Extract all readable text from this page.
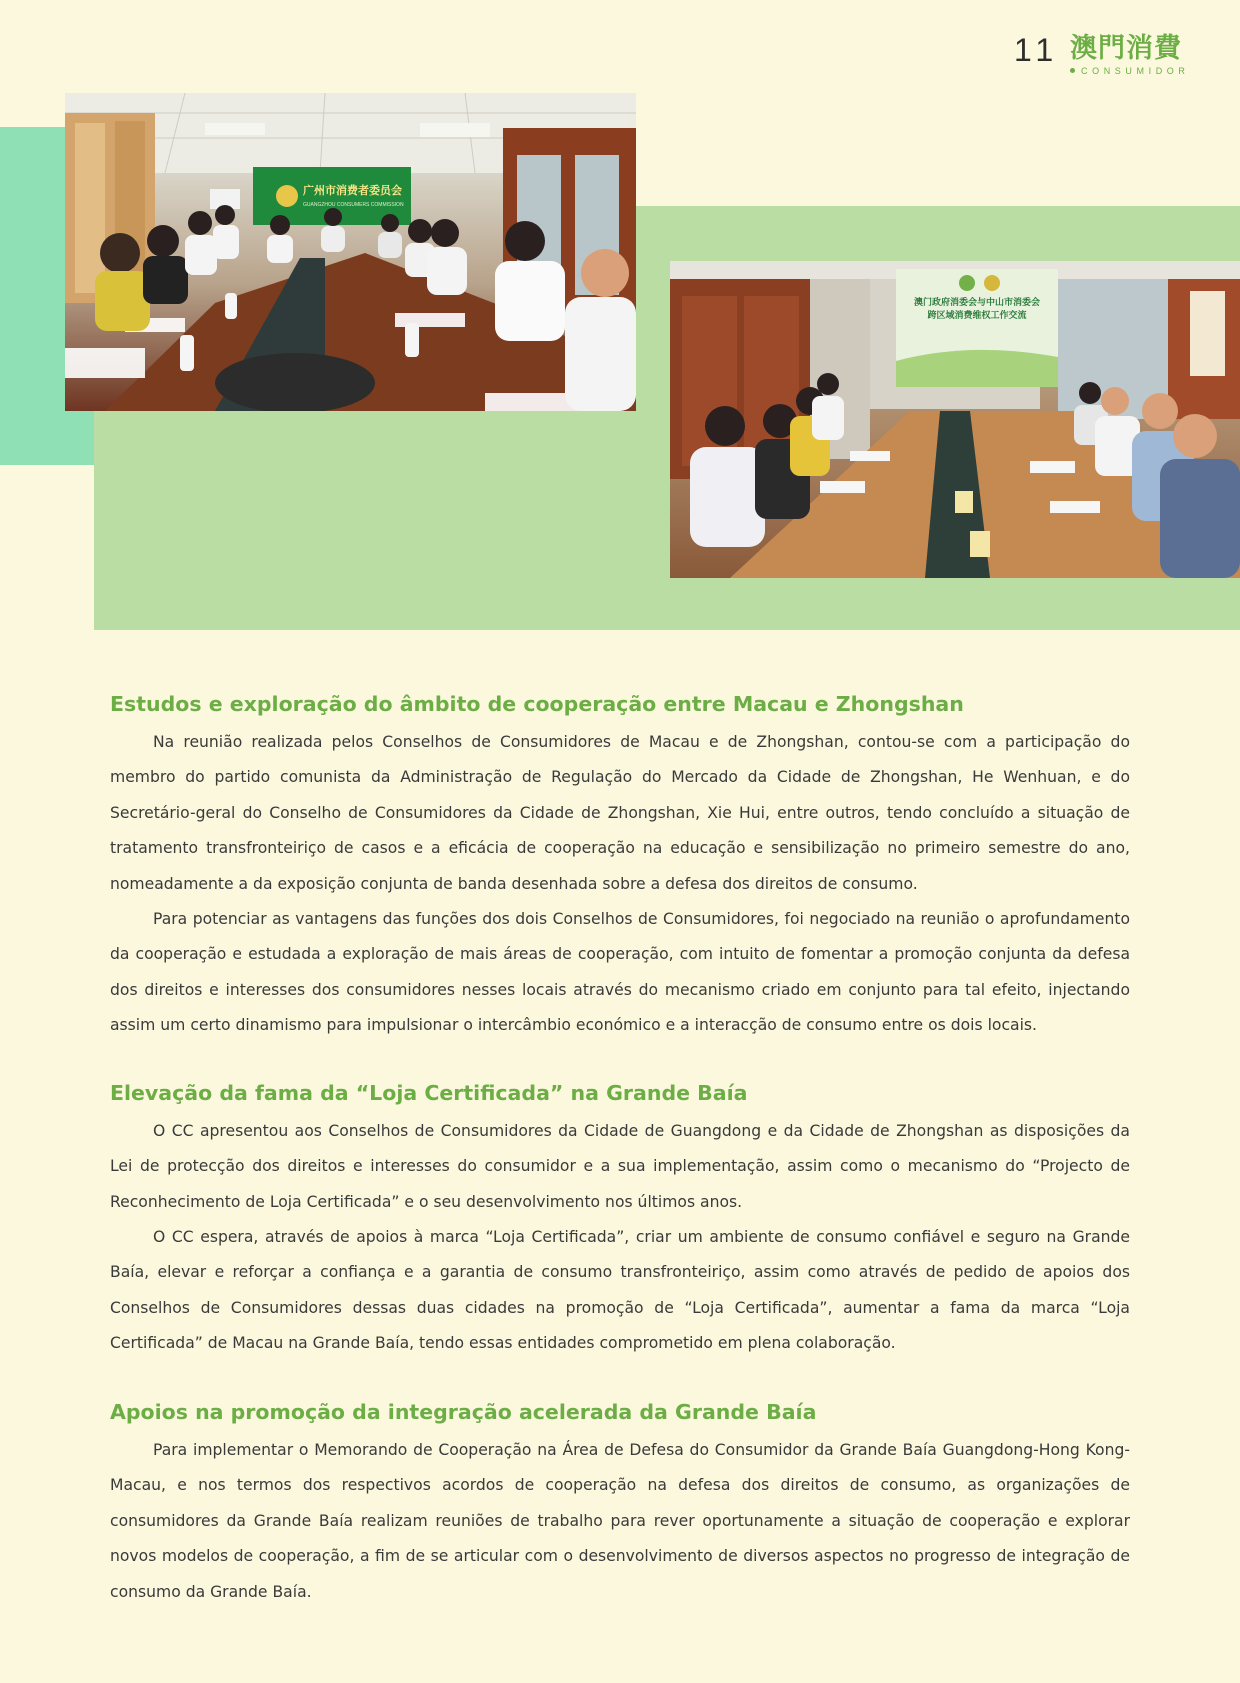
11 澳門消費
CONSUMIDOR
广州市消费者委员会
GUANGZHOU CONSUMERS COMMISSION
澳门政府消委会与中山市消委会
跨区域消费维权工作交流
Estudos e exploração do âmbito de cooperação entre Macau e Zhongshan

Na reunião realizada pelos Conselhos de Consumidores de Macau e de Zhongshan, contou-se com a participação do membro do partido comunista da Administração de Regulação do Mercado da Cidade de Zhongshan, He Wenhuan, e do Secretário-geral do Conselho de Consumidores da Cidade de Zhongshan, Xie Hui, entre outros, tendo concluído a situação de tratamento transfronteiriço de casos e a eficácia de cooperação na educação e sensibilização no primeiro semestre do ano, nomeadamente a da exposição conjunta de banda desenhada sobre a defesa dos direitos de consumo.

Para potenciar as vantagens das funções dos dois Conselhos de Consumidores, foi negociado na reunião o aprofundamento da cooperação e estudada a exploração de mais áreas de cooperação, com intuito de fomentar a promoção conjunta da defesa dos direitos e interesses dos consumidores nesses locais através do mecanismo criado em conjunto para tal efeito, injectando assim um certo dinamismo para impulsionar o intercâmbio económico e a interacção de consumo entre os dois locais.

Elevação da fama da “Loja Certificada” na Grande Baía

O CC apresentou aos Conselhos de Consumidores da Cidade de Guangdong e da Cidade de Zhongshan as disposições da Lei de protecção dos direitos e interesses do consumidor e a sua implementação, assim como o mecanismo do “Projecto de Reconhecimento de Loja Certificada” e o seu desenvolvimento nos últimos anos.

O CC espera, através de apoios à marca “Loja Certificada”, criar um ambiente de consumo confiável e seguro na Grande Baía, elevar e reforçar a confiança e a garantia de consumo transfronteiriço, assim como através de pedido de apoios dos Conselhos de Consumidores dessas duas cidades na promoção de “Loja Certificada”, aumentar a fama da marca “Loja Certificada” de Macau na Grande Baía, tendo essas entidades comprometido em plena colaboração.

Apoios na promoção da integração acelerada da Grande Baía

Para implementar o Memorando de Cooperação na Área de Defesa do Consumidor da Grande Baía Guangdong-Hong Kong-Macau, e nos termos dos respectivos acordos de cooperação na defesa dos direitos de consumo, as organizações de consumidores da Grande Baía realizam reuniões de trabalho para rever oportunamente a situação de cooperação e explorar novos modelos de cooperação, a fim de se articular com o desenvolvimento de diversos aspectos no progresso de integração de consumo da Grande Baía.
